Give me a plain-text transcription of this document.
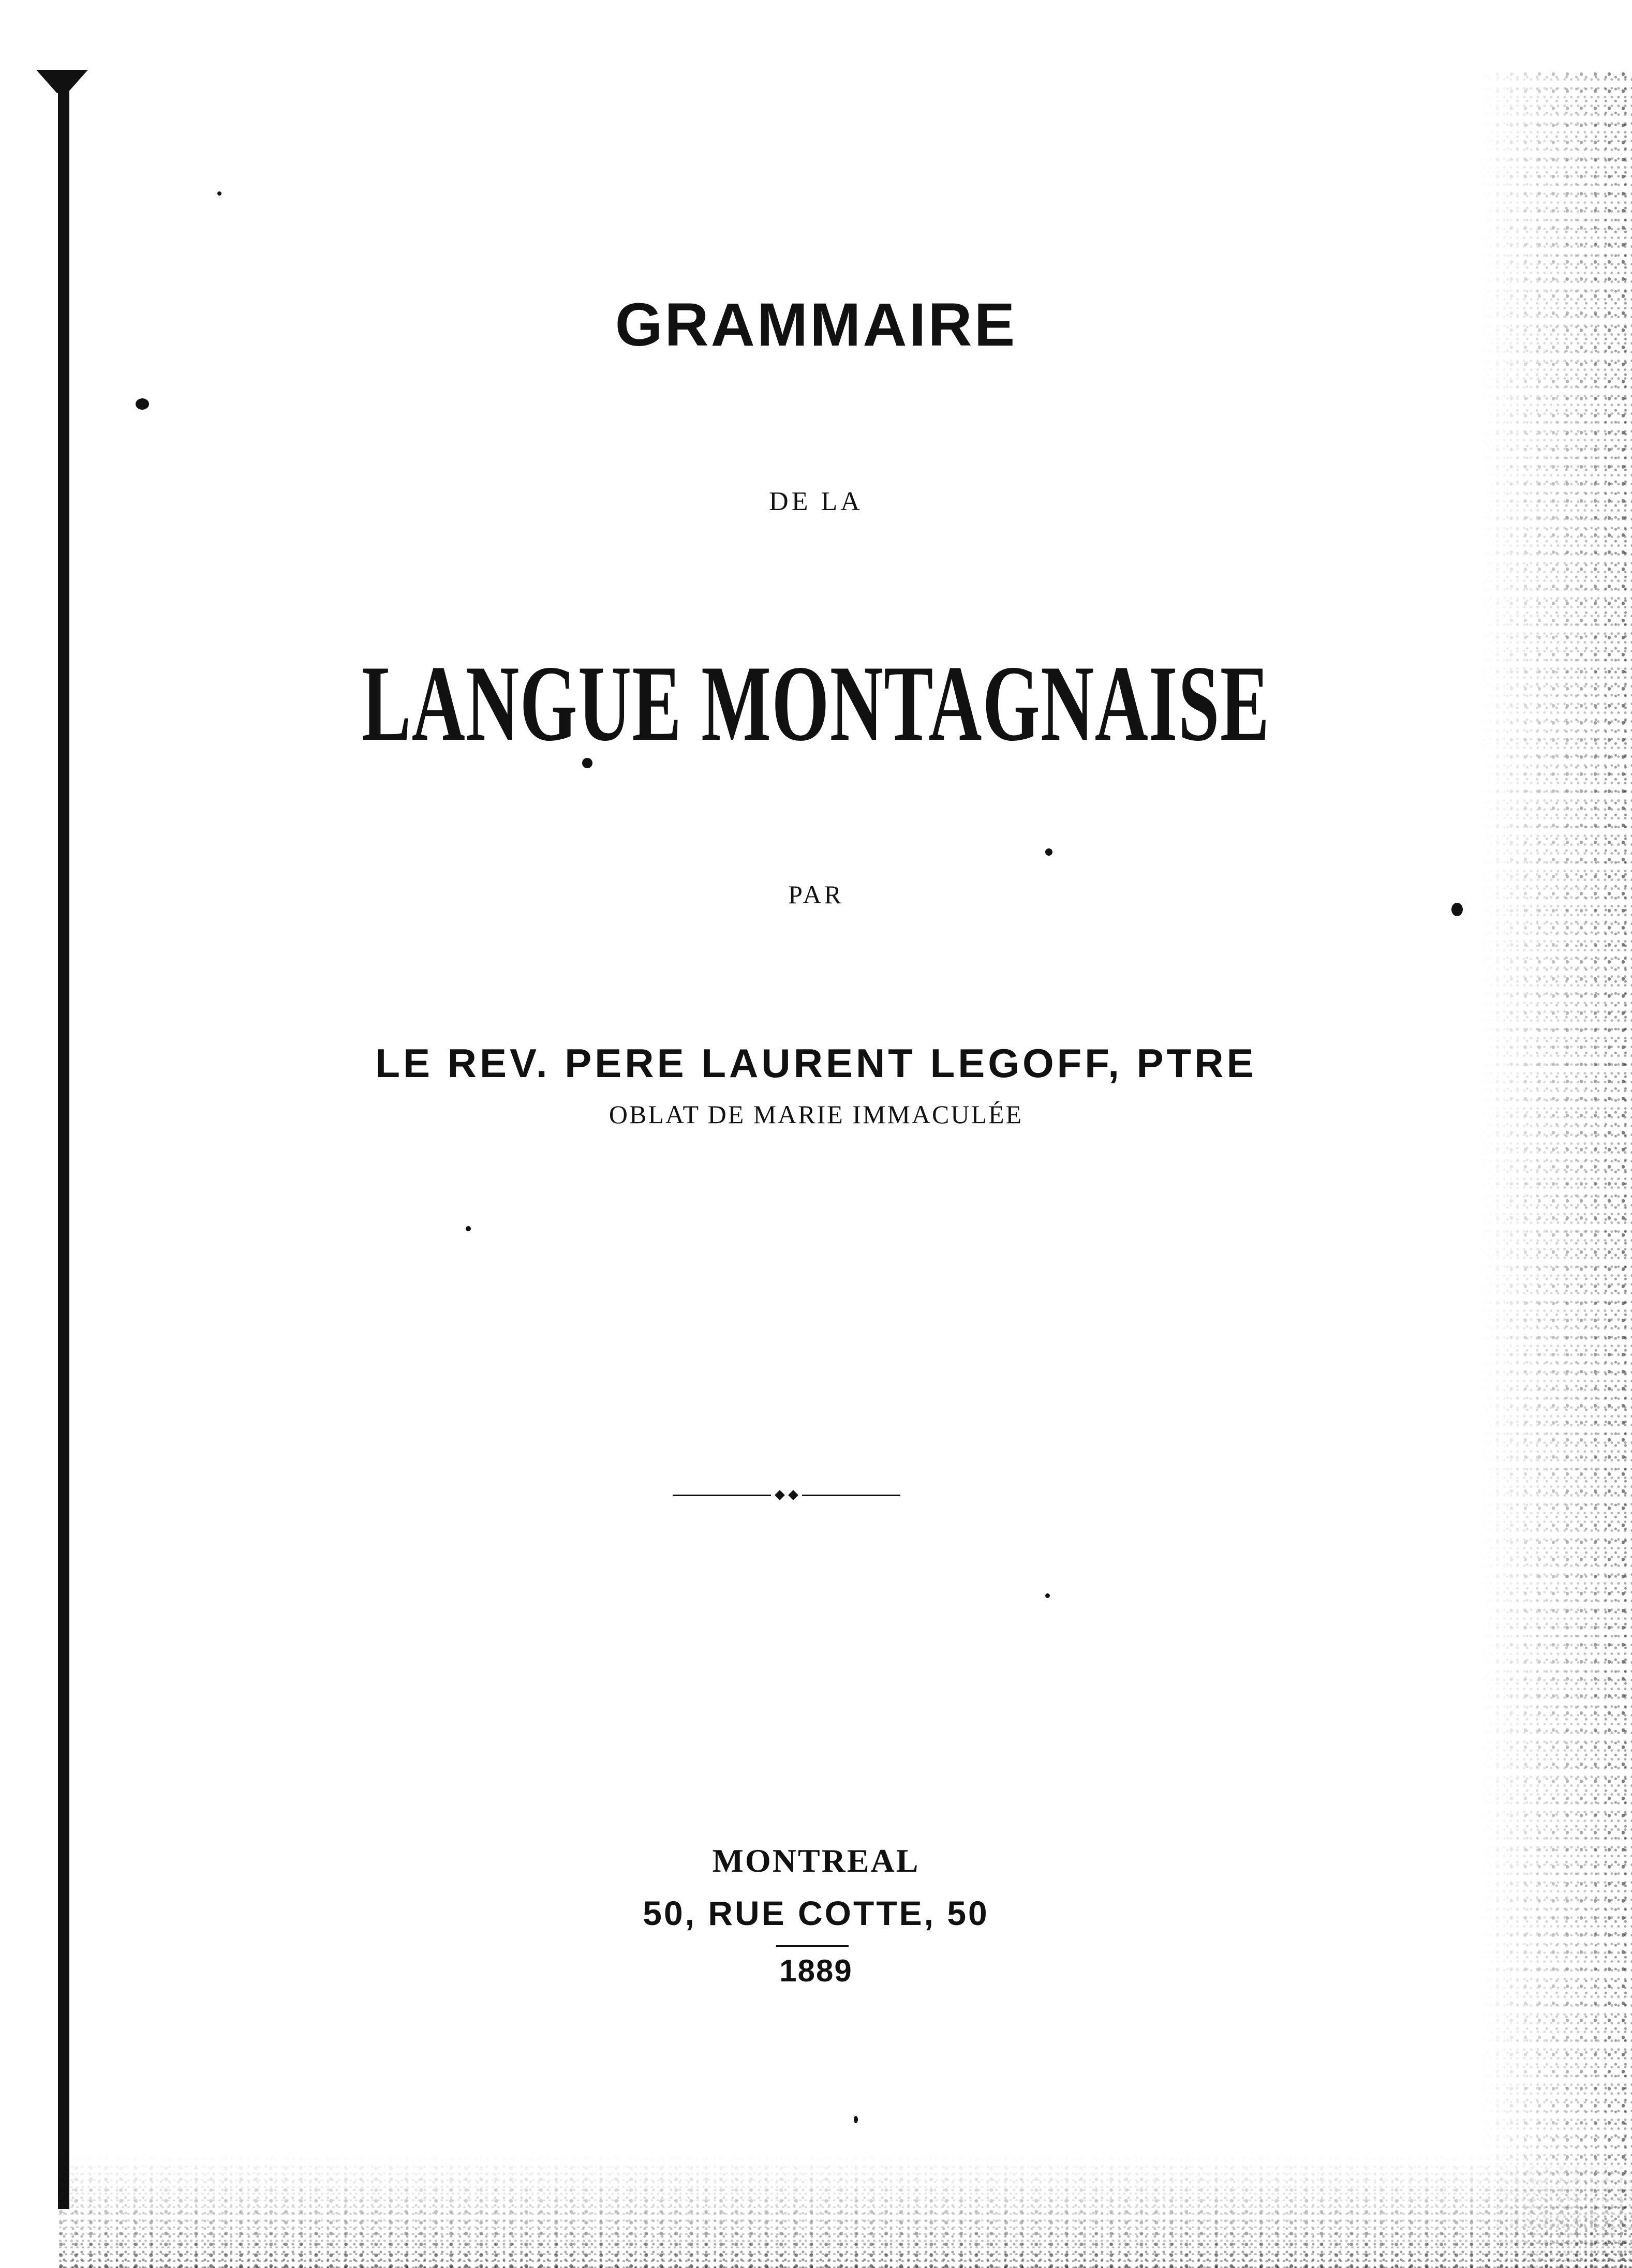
GRAMMAIRE
DE LA
LANGUE MONTAGNAISE
PAR
LE REV. PERE LAURENT LEGOFF, PTRE
OBLAT DE MARIE IMMACULÉE
MONTREAL
50, RUE COTTE, 50
1889
